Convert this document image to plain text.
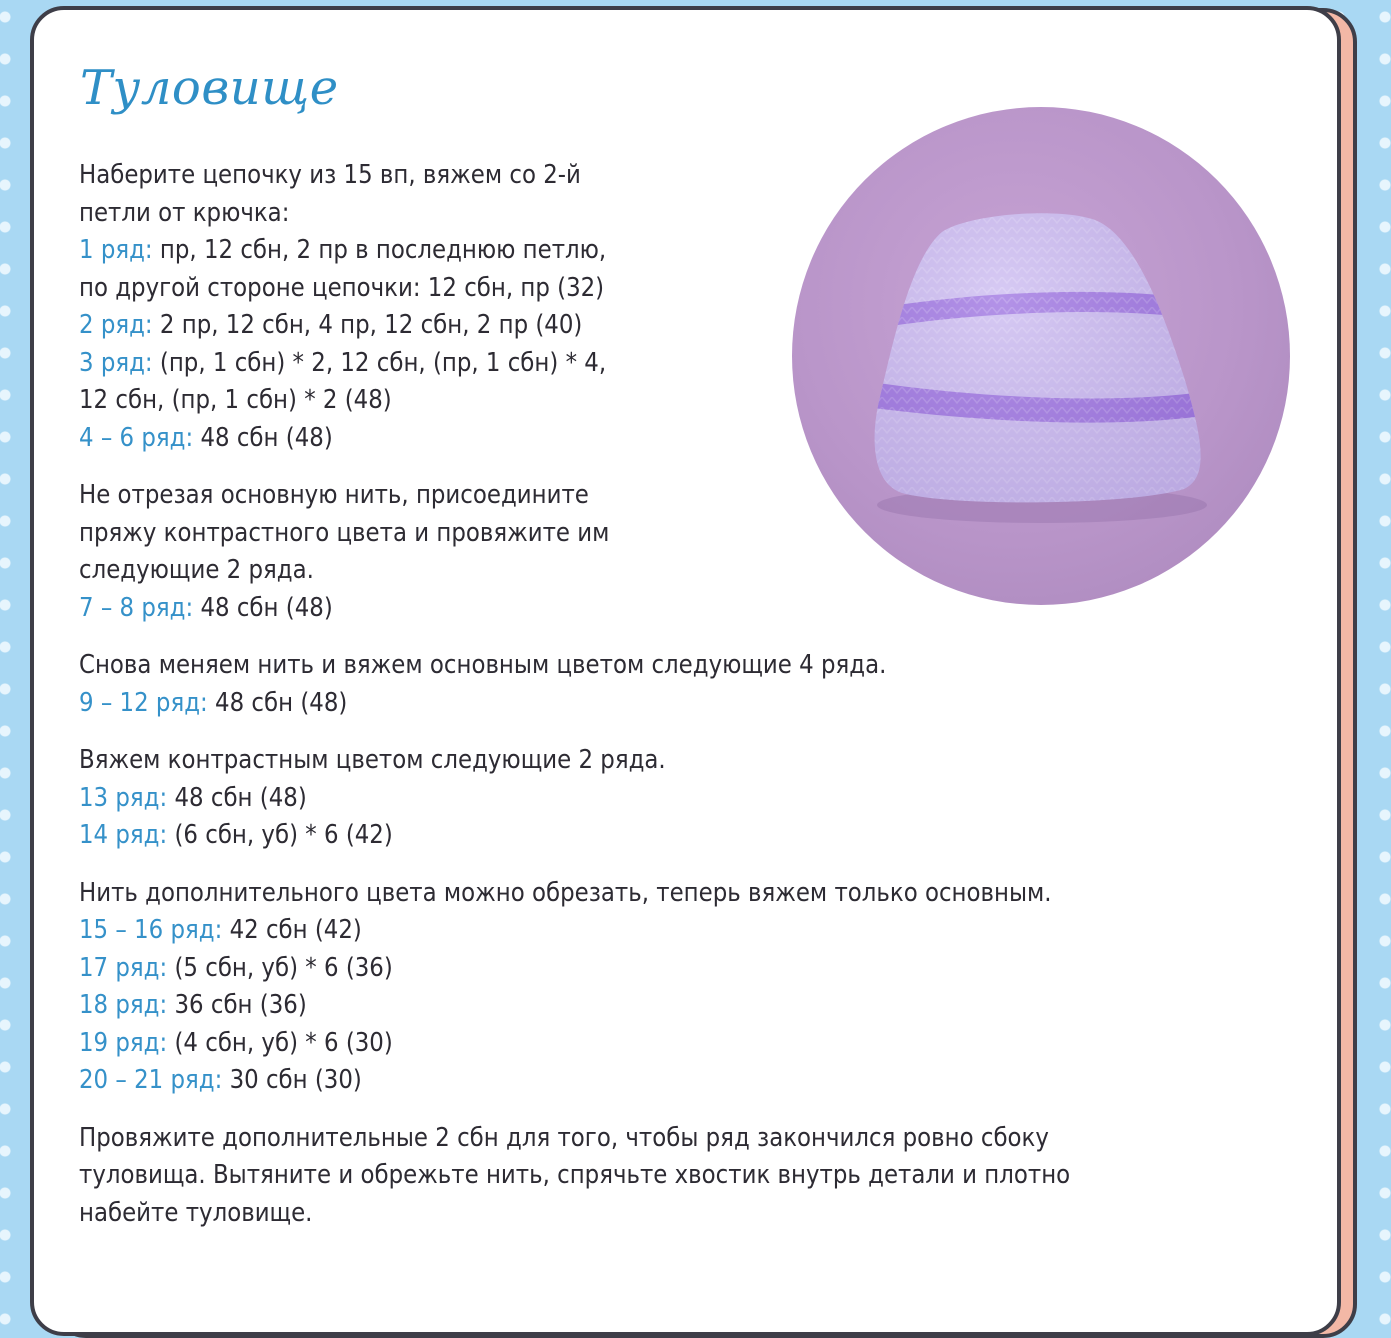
Туловище
Наберите цепочку из 15 вп, вяжем со 2-й
петли от крючка:
1 ряд: пр, 12 сбн, 2 пр в последнюю петлю,
по другой стороне цепочки: 12 сбн, пр (32)
2 ряд: 2 пр, 12 сбн, 4 пр, 12 сбн, 2 пр (40)
3 ряд: (пр, 1 сбн) * 2, 12 сбн, (пр, 1 сбн) * 4,
12 сбн, (пр, 1 сбн) * 2 (48)
4 – 6 ряд: 48 сбн (48)
Не отрезая основную нить, присоедините
пряжу контрастного цвета и провяжите им
следующие 2 ряда.
7 – 8 ряд: 48 сбн (48)
Снова меняем нить и вяжем основным цветом следующие 4 ряда.
9 – 12 ряд: 48 сбн (48)
Вяжем контрастным цветом следующие 2 ряда.
13 ряд: 48 сбн (48)
14 ряд: (6 сбн, уб) * 6 (42)
Нить дополнительного цвета можно обрезать, теперь вяжем только основным.
15 – 16 ряд: 42 сбн (42)
17 ряд: (5 сбн, уб) * 6 (36)
18 ряд: 36 сбн (36)
19 ряд: (4 сбн, уб) * 6 (30)
20 – 21 ряд: 30 сбн (30)
Провяжите дополнительные 2 сбн для того, чтобы ряд закончился ровно сбоку
туловища. Вытяните и обрежьте нить, спрячьте хвостик внутрь детали и плотно
набейте туловище.
